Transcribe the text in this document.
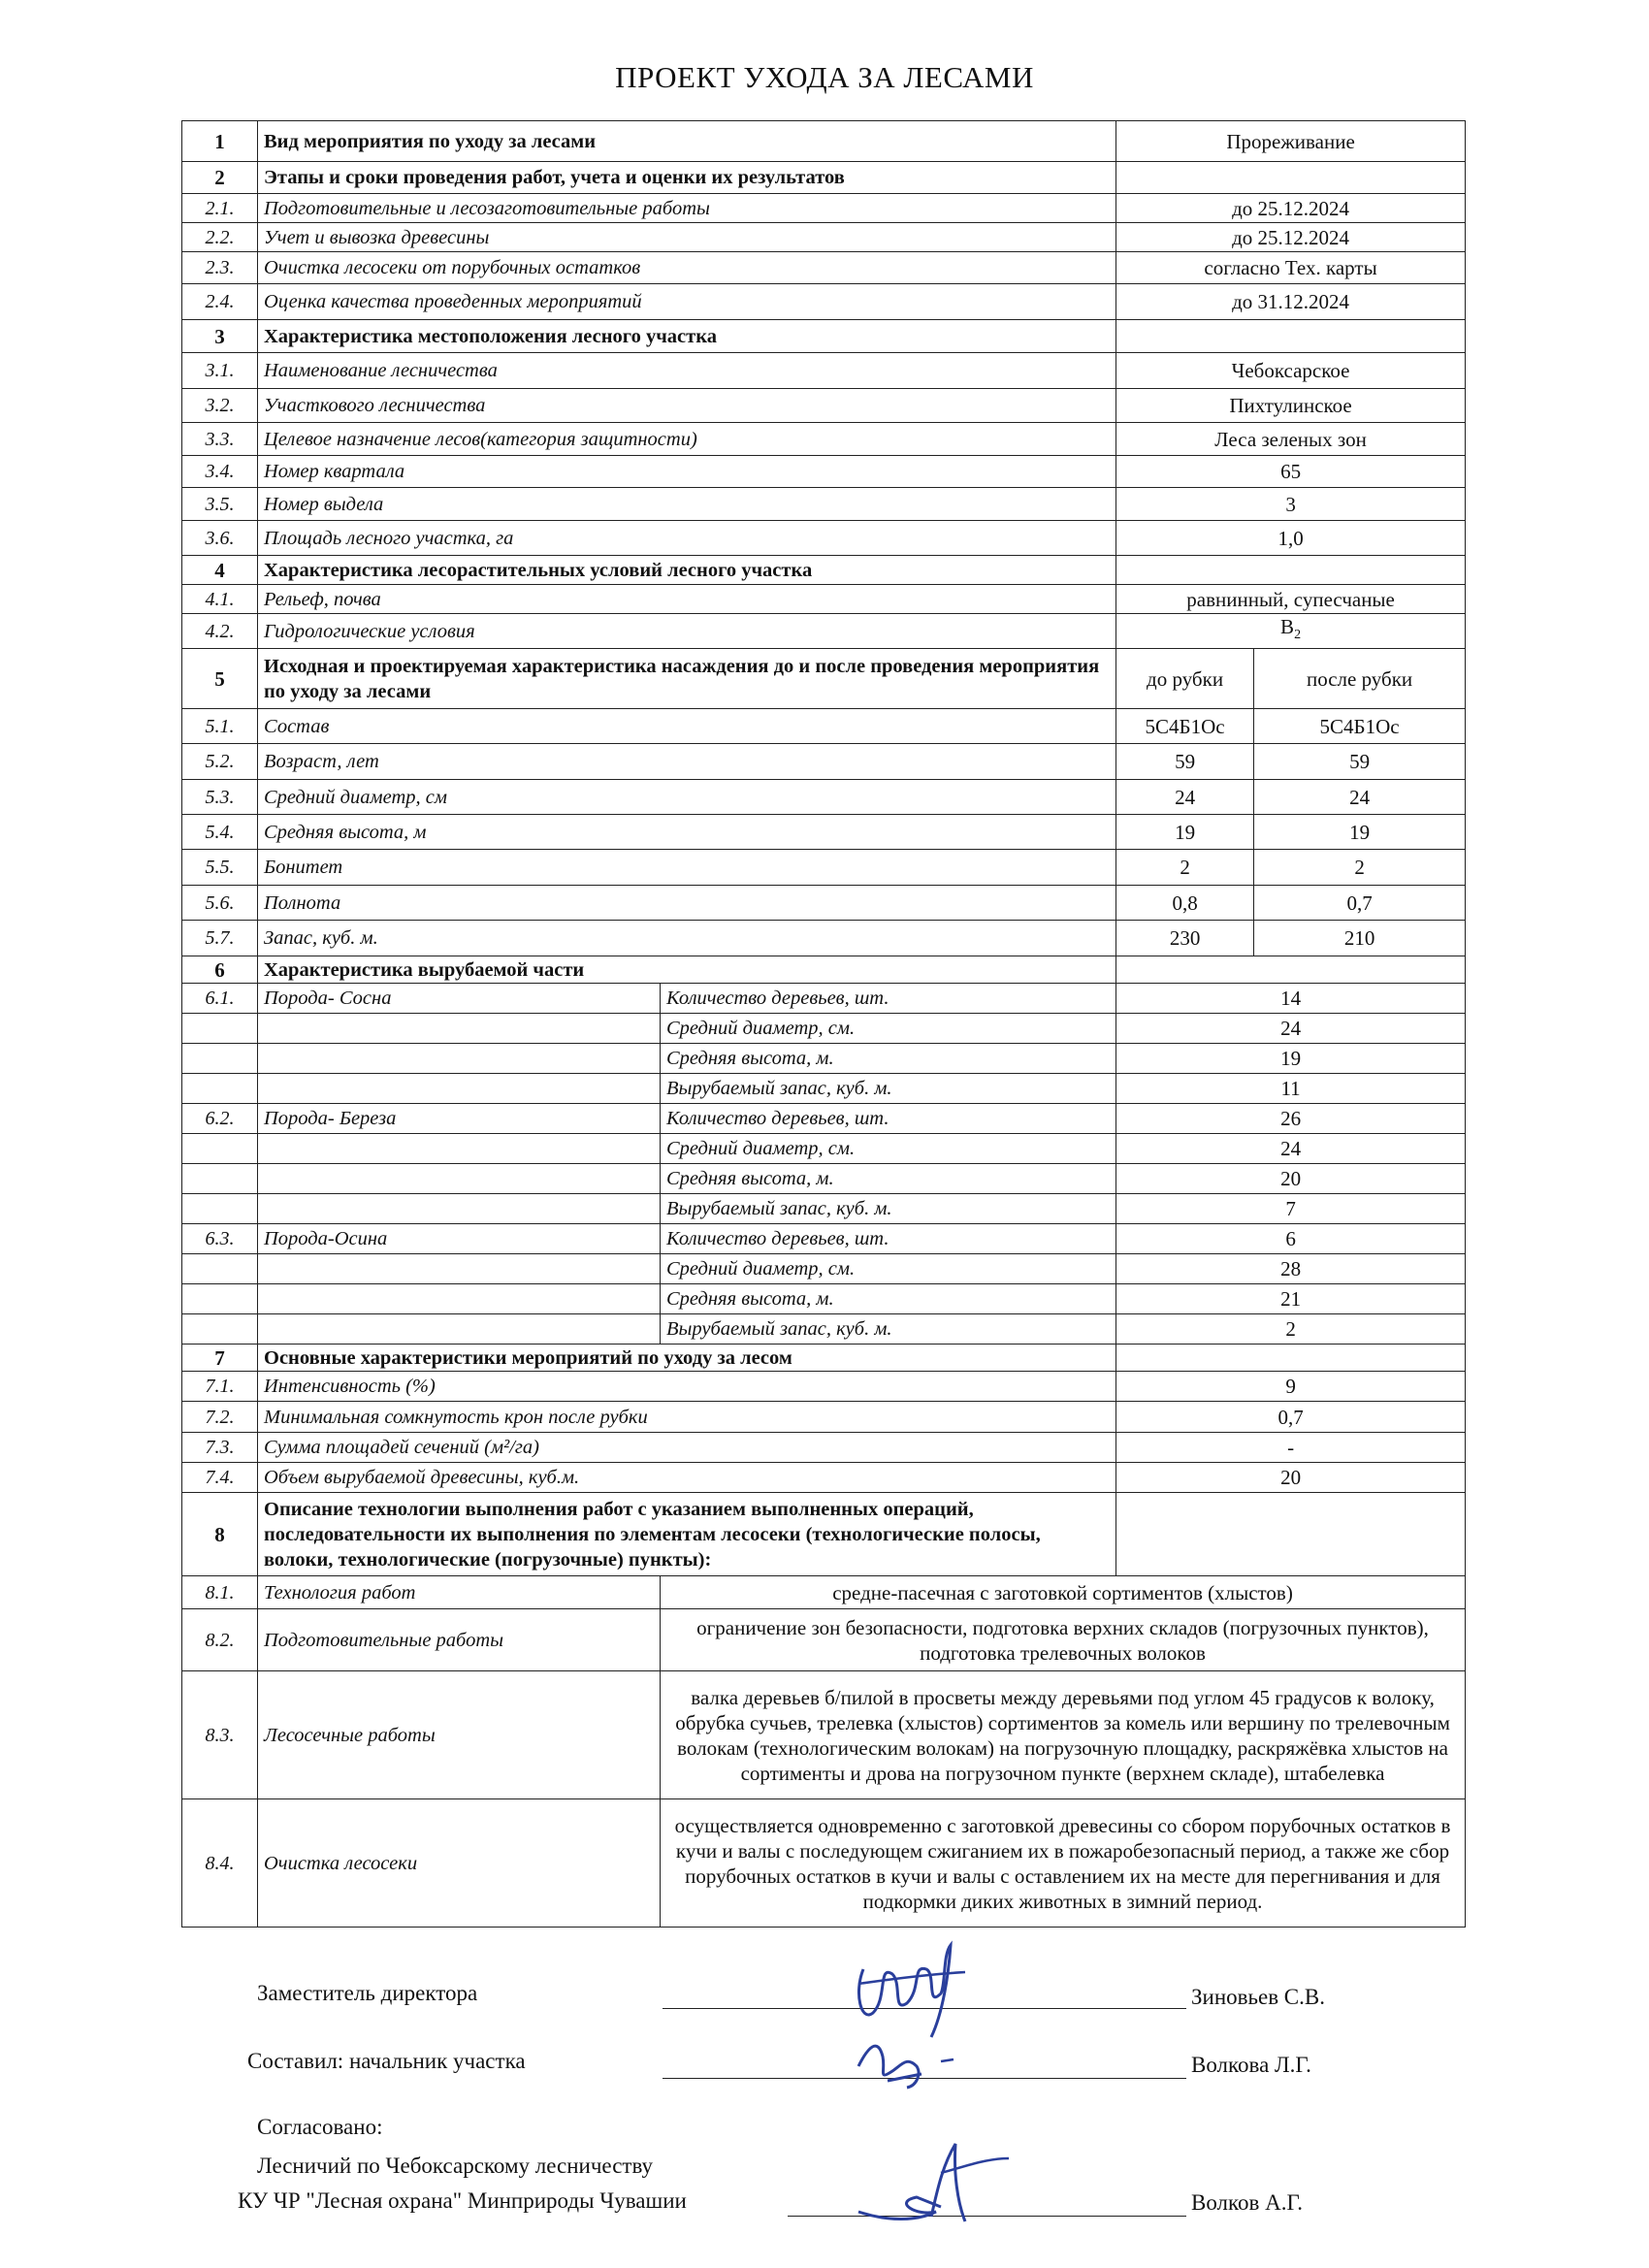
ПРОЕКТ УХОДА ЗА ЛЕСАМИ
1	Вид мероприятия по уходу за лесами		Прореживание	
2	Этапы и сроки проведения работ, учета и оценки их результатов			
2.1.	Подготовительные и лесозаготовительные работы		до 25.12.2024	
2.2.	Учет и вывозка древесины		до 25.12.2024	
2.3.	Очистка лесосеки от порубочных остатков		согласно Тех. карты	
2.4.	Оценка качества проведенных мероприятий		до 31.12.2024	
3	Характеристика местоположения лесного участка			
3.1.	Наименование лесничества		Чебоксарское	
3.2.	Участкового лесничества		Пихтулинское	
3.3.	Целевое назначение лесов(категория защитности)		Леса зеленых зон	
3.4.	Номер квартала		65	
3.5.	Номер выдела		3	
3.6.	Площадь лесного участка, га		1,0	
4	Характеристика лесорастительных условий лесного участка			
4.1.	Рельеф, почва		равнинный, супесчаные	
4.2.	Гидрологические условия		$В_2$
5	Исходная и проектируемая характеристика насаждения до и после проведения мероприятия по уходу за лесами		до рубки	после рубки
5.1.	Состав		5С4Б1Ос	5С4Б1Ос
5.2.	Возраст, лет		59	59
5.3.	Средний диаметр, см		24	24
5.4.	Средняя высота, м		19	19
5.5.	Бонитет		2	2
5.6.	Полнота		0,8	0,7
5.7.	Запас, куб. м.		230	210
6	Характеристика вырубаемой части			
6.1.	Порода- Сосна	Количество деревьев, шт.	14	
		Средний диаметр, см.	24	
		Средняя высота, м.	19	
		Вырубаемый запас, куб. м.	11	
6.2.	Порода- Береза	Количество деревьев, шт.	26	
		Средний диаметр, см.	24	
		Средняя высота, м.	20	
		Вырубаемый запас, куб. м.	7	
6.3.	Порода-Осина	Количество деревьев, шт.	6	
		Средний диаметр, см.	28	
		Средняя высота, м.	21	
		Вырубаемый запас, куб. м.	2	
7	Основные характеристики мероприятий по уходу за лесом			
7.1.	Интенсивность (%)		9	
7.2.	Минимальная сомкнутость крон после рубки		0,7	
7.3.	Сумма площадей сечений (м²/га)		-	
7.4.	Объем вырубаемой древесины, куб.м.		20	
8	Описание технологии выполнения работ с указанием выполненных операций, последовательности их выполнения по элементам лесосеки (технологические полосы, волоки, технологические (погрузочные) пункты):			
8.1.	Технология работ	средне-пасечная с заготовкой сортиментов (хлыстов)		
8.2.	Подготовительные работы	ограничение зон безопасности, подготовка верхних складов (погрузочных пунктов), подготовка трелевочных волоков		
8.3.	Лесосечные работы	валка деревьев б/пилой в просветы между деревьями под углом 45 градусов к волоку, обрубка сучьев, трелевка (хлыстов) сортиментов за комель или вершину по трелевочным волокам (технологическим волокам) на погрузочную площадку, раскряжёвка хлыстов на сортименты и дрова на погрузочном пункте (верхнем складе), штабелевка		
8.4.	Очистка лесосеки	осуществляется одновременно с заготовкой древесины со сбором порубочных остатков в кучи и валы с последующем сжиганием их в пожаробезопасный период, а также же сбор порубочных остатков в кучи и валы с оставлением их на месте для перегнивания и для подкормки диких животных в зимний период.		
Заместитель директора	Зиновьев С.В.
Составил: начальник участка	Волкова Л.Г.
Согласовано:
Лесничий по Чебоксарскому лесничеству
КУ ЧР "Лесная охрана" Минприроды Чувашии	Волков А.Г.
